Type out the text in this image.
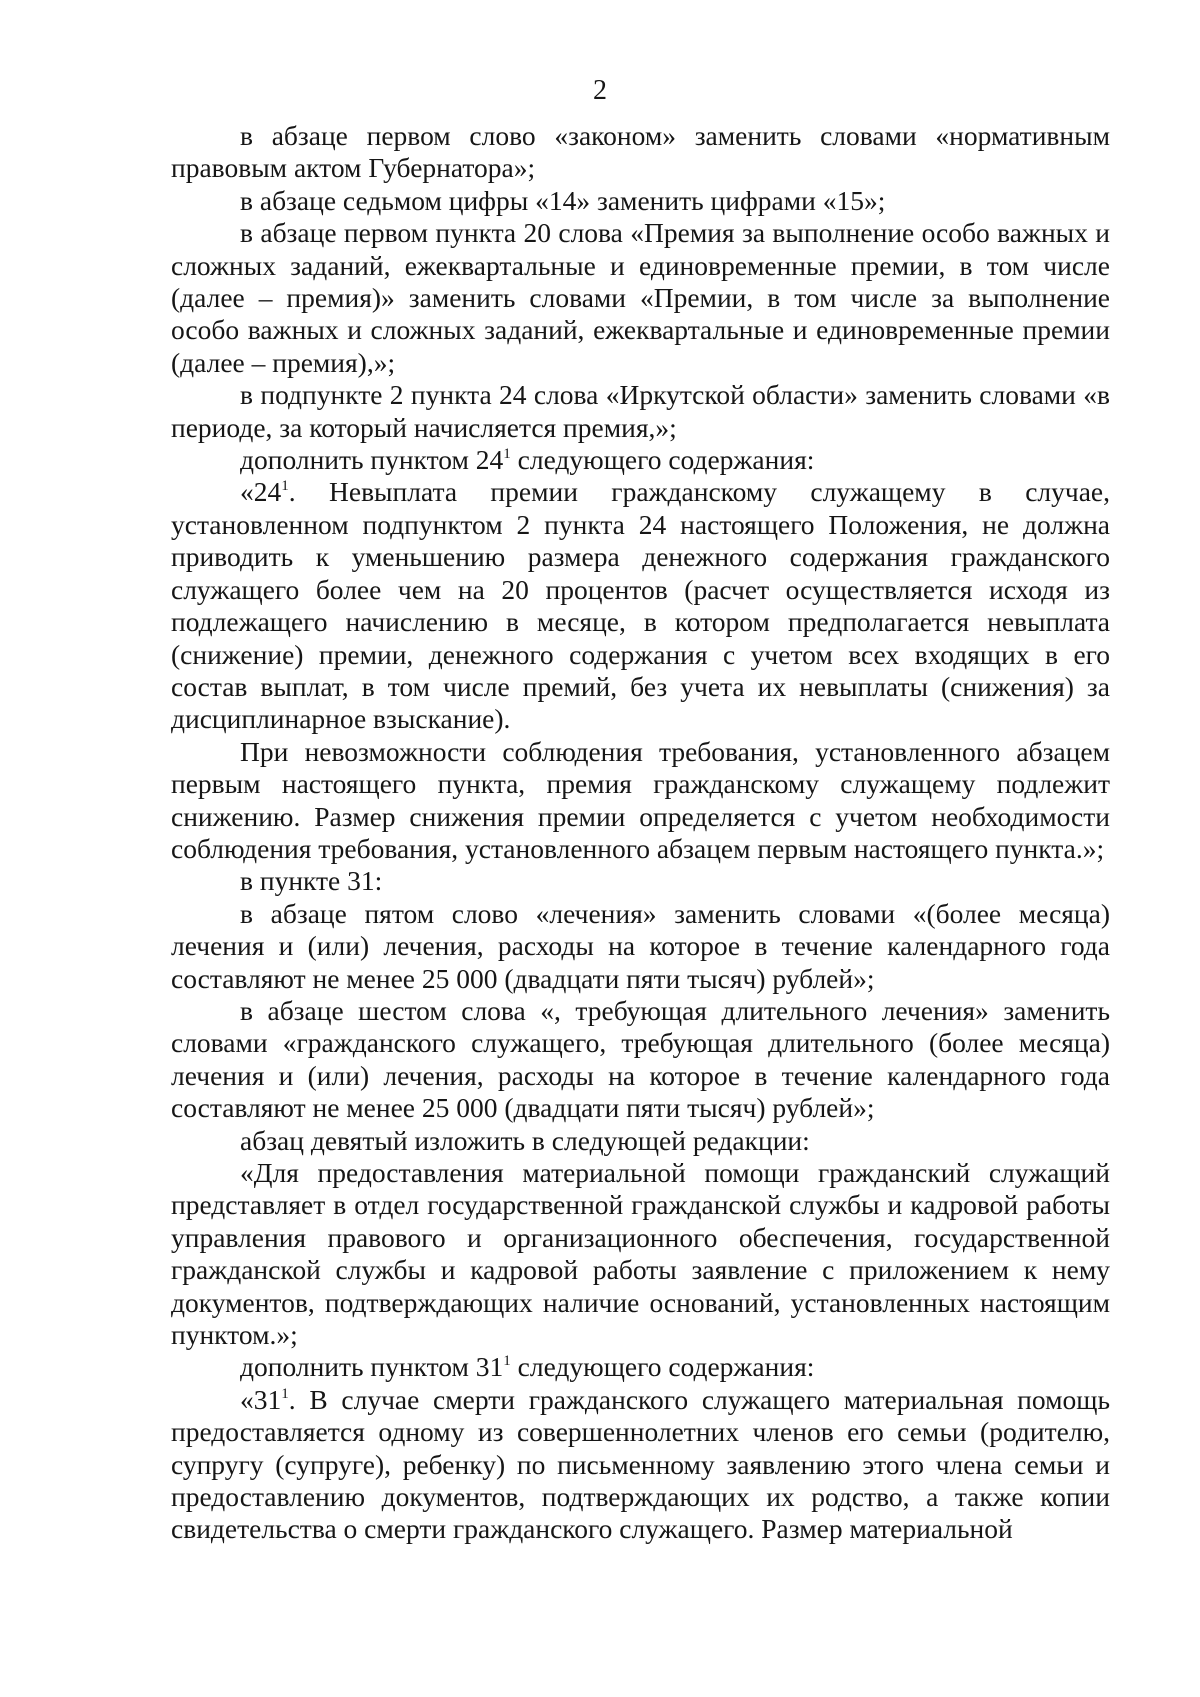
2

в абзаце первом слово «законом» заменить словами «нормативным правовым актом Губернатора»;

в абзаце седьмом цифры «14» заменить цифрами «15»;

в абзаце первом пункта 20 слова «Премия за выполнение особо важных и сложных заданий, ежеквартальные и единовременные премии, в том числе (далее – премия)» заменить словами «Премии, в том числе за выполнение особо важных и сложных заданий, ежеквартальные и единовременные премии (далее – премия),»;

в подпункте 2 пункта 24 слова «Иркутской области» заменить словами «в периоде, за который начисляется премия,»;

дополнить пунктом $24^1$ следующего содержания:

«$24^1$. Невыплата премии гражданскому служащему в случае, установленном подпунктом 2 пункта 24 настоящего Положения, не должна приводить к уменьшению размера денежного содержания гражданского служащего более чем на 20 процентов (расчет осуществляется исходя из подлежащего начислению в месяце, в котором предполагается невыплата (снижение) премии, денежного содержания с учетом всех входящих в его состав выплат, в том числе премий, без учета их невыплаты (снижения) за дисциплинарное взыскание).

При невозможности соблюдения требования, установленного абзацем первым настоящего пункта, премия гражданскому служащему подлежит снижению. Размер снижения премии определяется с учетом необходимости соблюдения требования, установленного абзацем первым настоящего пункта.»;

в пункте 31:

в абзаце пятом слово «лечения» заменить словами «(более месяца) лечения и (или) лечения, расходы на которое в течение календарного года составляют не менее 25 000 (двадцати пяти тысяч) рублей»;

в абзаце шестом слова «, требующая длительного лечения» заменить словами «гражданского служащего, требующая длительного (более месяца) лечения и (или) лечения, расходы на которое в течение календарного года составляют не менее 25 000 (двадцати пяти тысяч) рублей»;

абзац девятый изложить в следующей редакции:

«Для предоставления материальной помощи гражданский служащий представляет в отдел государственной гражданской службы и кадровой работы управления правового и организационного обеспечения, государственной гражданской службы и кадровой работы заявление с приложением к нему документов, подтверждающих наличие оснований, установленных настоящим пунктом.»;

дополнить пунктом $31^1$ следующего содержания:

«$31^1$. В случае смерти гражданского служащего материальная помощь предоставляется одному из совершеннолетних членов его семьи (родителю, супругу (супруге), ребенку) по письменному заявлению этого члена семьи и предоставлению документов, подтверждающих их родство, а также копии свидетельства о смерти гражданского служащего. Размер материальной
